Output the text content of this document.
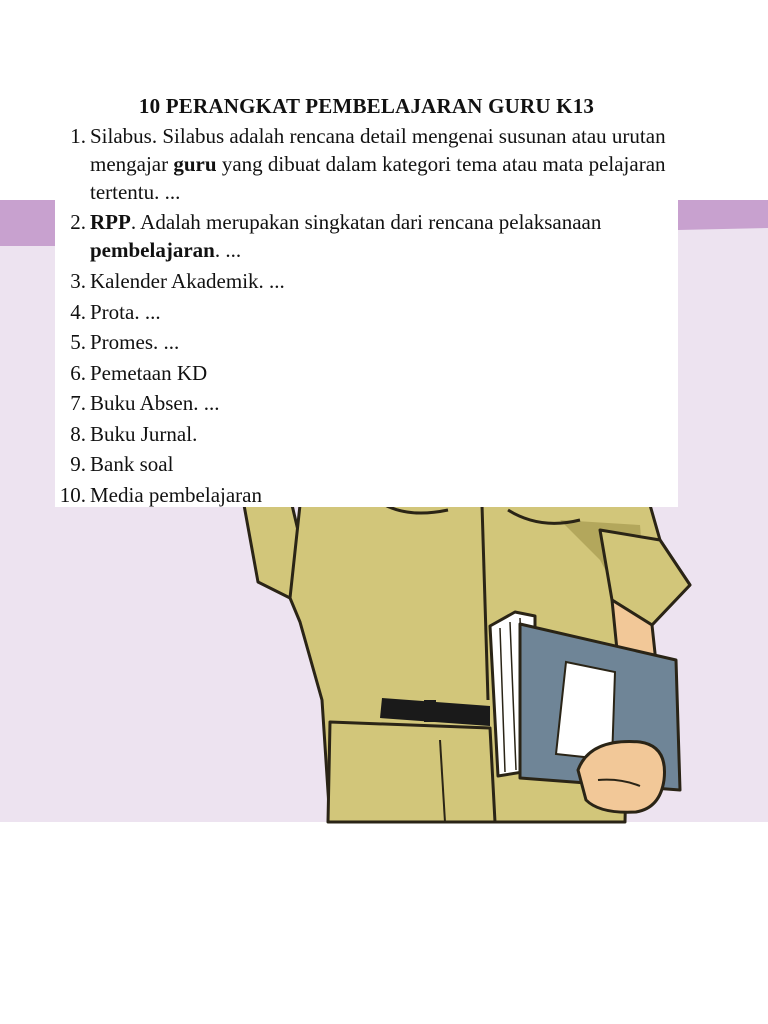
10 PERANGKAT PEMBELAJARAN GURU K13
1. Silabus. Silabus adalah rencana detail mengenai susunan atau urutan mengajar guru yang dibuat dalam kategori tema atau mata pelajaran tertentu. ...
2. RPP. Adalah merupakan singkatan dari rencana pelaksanaan pembelajaran. ...
3. Kalender Akademik. ...
4. Prota. ...
5. Promes. ...
6. Pemetaan KD
7. Buku Absen. ...
8. Buku Jurnal.
9. Bank soal
10. Media pembelajaran
